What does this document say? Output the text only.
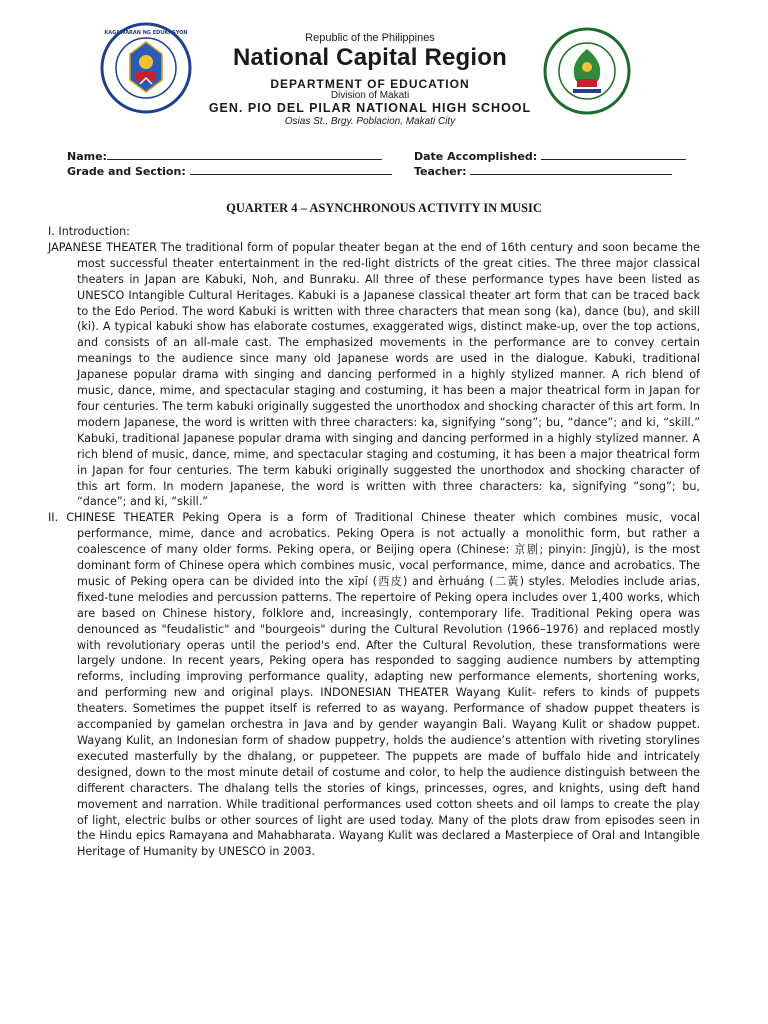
KAGAWARAN NG EDUKASYON	Republic of the Philippines
National Capital Region
DEPARTMENT OF EDUCATION
Division of Makati
GEN. PIO DEL PILAR NATIONAL HIGH SCHOOL
Osias St., Brgy. Poblacion, Makati City
Name:	Date Accomplished:
Grade and Section:	Teacher:
QUARTER 4 – ASYNCHRONOUS ACTIVITY IN MUSIC

I. Introduction:

JAPANESE THEATER The traditional form of popular theater began at the end of 16th century and soon became the most successful theater entertainment in the red-light districts of the great cities. The three major classical theaters in Japan are Kabuki, Noh, and Bunraku. All three of these performance types have been listed as UNESCO Intangible Cultural Heritages. Kabuki is a Japanese classical theater art form that can be traced back to the Edo Period. The word Kabuki is written with three characters that mean song (ka), dance (bu), and skill (ki). A typical kabuki show has elaborate costumes, exaggerated wigs, distinct make-up, over the top actions, and consists of an all-male cast. The emphasized movements in the performance are to convey certain meanings to the audience since many old Japanese words are used in the dialogue. Kabuki, traditional Japanese popular drama with singing and dancing performed in a highly stylized manner. A rich blend of music, dance, mime, and spectacular staging and costuming, it has been a major theatrical form in Japan for four centuries. The term kabuki originally suggested the unorthodox and shocking character of this art form. In modern Japanese, the word is written with three characters: ka, signifying “song”; bu, “dance”; and ki, “skill.” Kabuki, traditional Japanese popular drama with singing and dancing performed in a highly stylized manner. A rich blend of music, dance, mime, and spectacular staging and costuming, it has been a major theatrical form in Japan for four centuries. The term kabuki originally suggested the unorthodox and shocking character of this art form. In modern Japanese, the word is written with three characters: ka, signifying “song”; bu, “dance”; and ki, “skill.”

II. CHINESE THEATER Peking Opera is a form of Traditional Chinese theater which combines music, vocal performance, mime, dance and acrobatics. Peking Opera is not actually a monolithic form, but rather a coalescence of many older forms. Peking opera, or Beijing opera (Chinese: 京剧; pinyin: Jīngjù), is the most dominant form of Chinese opera which combines music, vocal performance, mime, dance and acrobatics. The music of Peking opera can be divided into the xīpí (西皮) and èrhuáng (二黃) styles. Melodies include arias, fixed-tune melodies and percussion patterns. The repertoire of Peking opera includes over 1,400 works, which are based on Chinese history, folklore and, increasingly, contemporary life. Traditional Peking opera was denounced as "feudalistic" and "bourgeois" during the Cultural Revolution (1966–1976) and replaced mostly with revolutionary operas until the period's end. After the Cultural Revolution, these transformations were largely undone. In recent years, Peking opera has responded to sagging audience numbers by attempting reforms, including improving performance quality, adapting new performance elements, shortening works, and performing new and original plays. INDONESIAN THEATER Wayang Kulit- refers to kinds of puppets theaters. Sometimes the puppet itself is referred to as wayang. Performance of shadow puppet theaters is accompanied by gamelan orchestra in Java and by gender wayangin Bali. Wayang Kulit or shadow puppet. Wayang Kulit, an Indonesian form of shadow puppetry, holds the audience’s attention with riveting storylines executed masterfully by the dhalang, or puppeteer. The puppets are made of buffalo hide and intricately designed, down to the most minute detail of costume and color, to help the audience distinguish between the different characters. The dhalang tells the stories of kings, princesses, ogres, and knights, using deft hand movement and narration. While traditional performances used cotton sheets and oil lamps to create the play of light, electric bulbs or other sources of light are used today. Many of the plots draw from episodes seen in the Hindu epics Ramayana and Mahabharata. Wayang Kulit was declared a Masterpiece of Oral and Intangible Heritage of Humanity by UNESCO in 2003.
